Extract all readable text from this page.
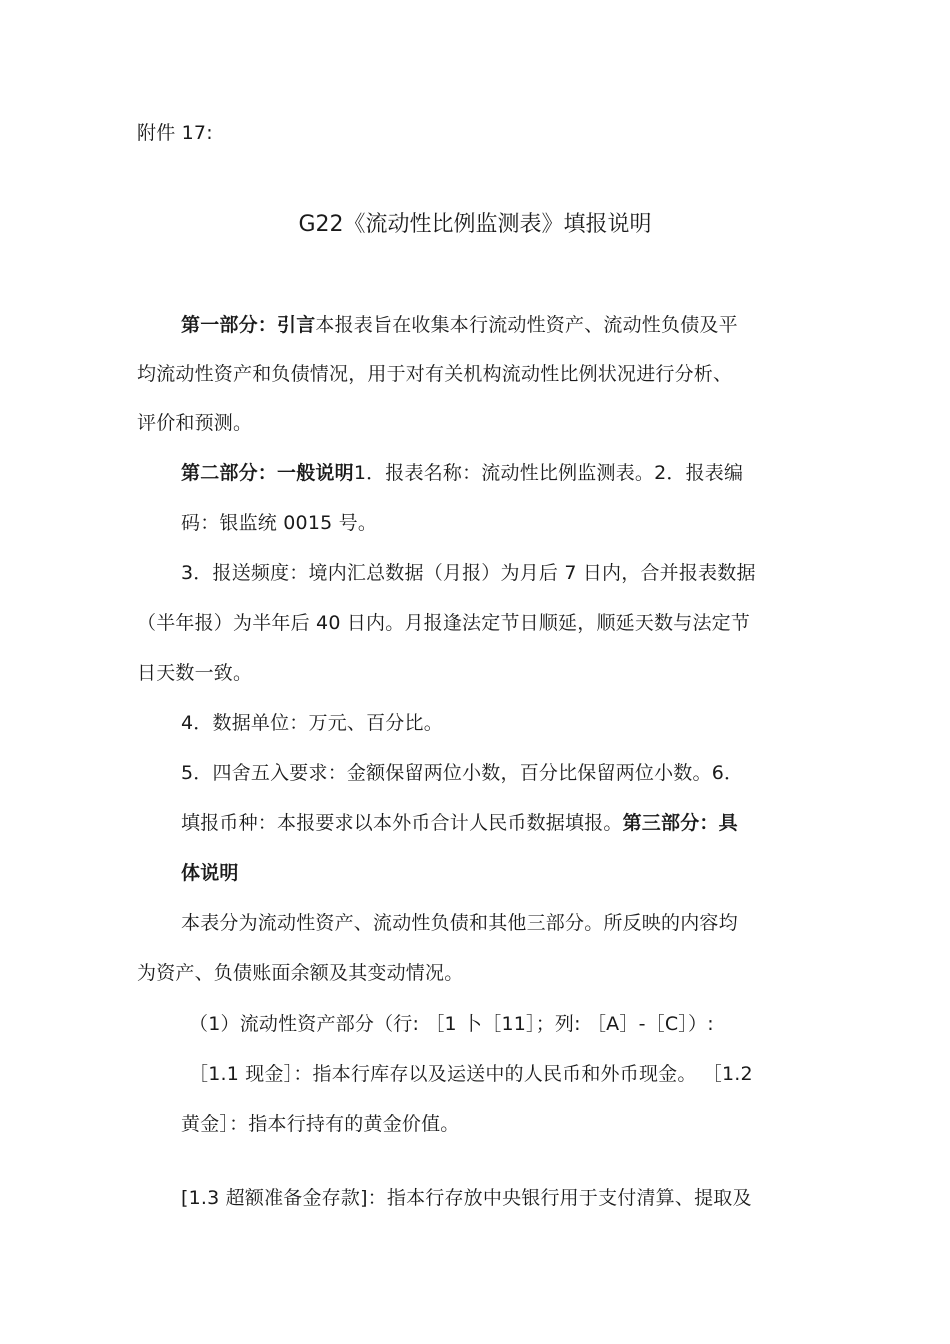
附件 17:
G22《流动性比例监测表》填报说明
第一部分：引言本报表旨在收集本行流动性资产、流动性负债及平
均流动性资产和负债情况，用于对有关机构流动性比例状况进行分析、
评价和预测。
第二部分：一般说明1．报表名称：流动性比例监测表。2．报表编
码：银监统 0015 号。
3．报送频度：境内汇总数据（月报）为月后 7 日内，合并报表数据
（半年报）为半年后 40 日内。月报逢法定节日顺延，顺延天数与法定节
日天数一致。
4．数据单位：万元、百分比。
5．四舍五入要求：金额保留两位小数，百分比保留两位小数。6．
填报币种：本报要求以本外币合计人民币数据填报。第三部分：具
体说明
本表分为流动性资产、流动性负债和其他三部分。所反映的内容均
为资产、负债账面余额及其变动情况。
（1）流动性资产部分（行: ［1 卜［11］；列: ［A］-［C］）:
［1.1 现金］：指本行库存以及运送中的人民币和外币现金。 ［1.2
黄金］：指本行持有的黄金价值。
[1.3 超额准备金存款]：指本行存放中央银行用于支付清算、提取及
